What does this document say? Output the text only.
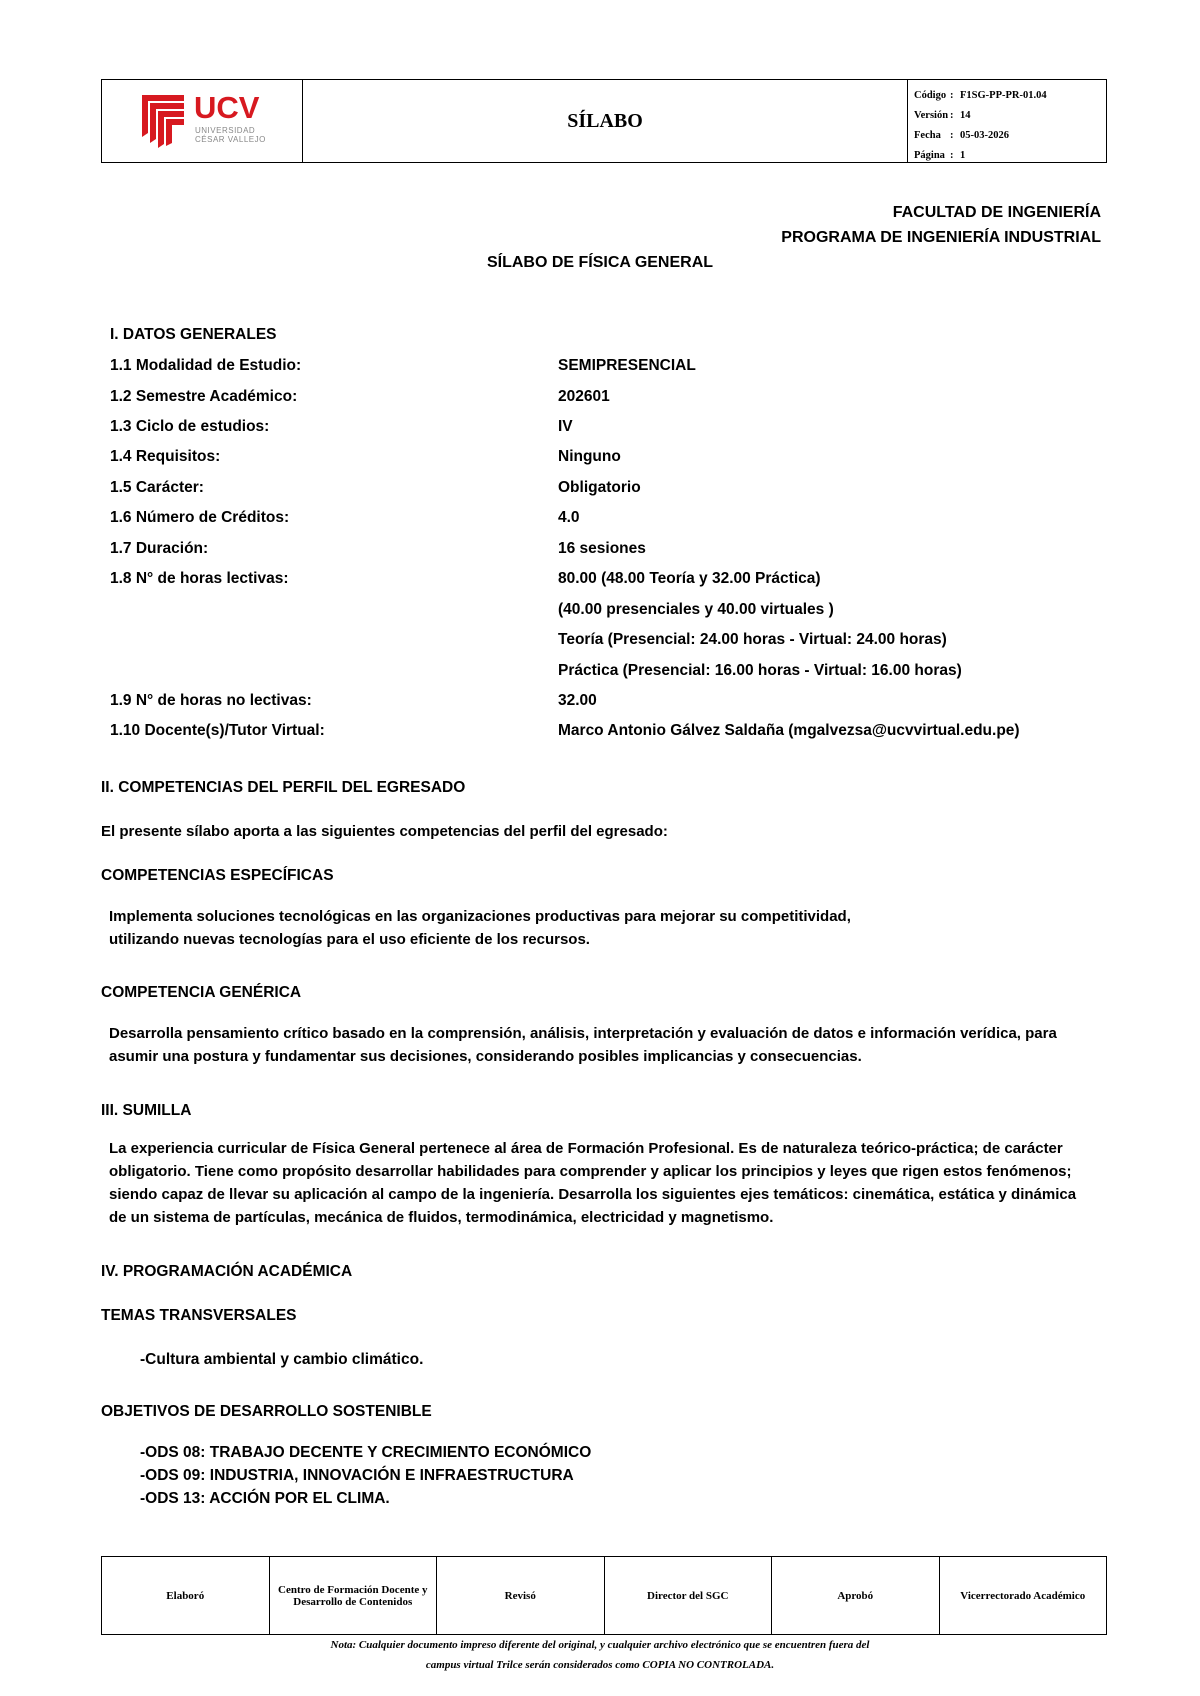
UCV
UNIVERSIDAD
CÉSAR VALLEJO
SÍLABO
Código : F1SG-PP-PR-01.04
Versión : 14
Fecha : 05-03-2026
Página : 1
FACULTAD DE INGENIERÍA
PROGRAMA DE INGENIERÍA INDUSTRIAL
SÍLABO DE FÍSICA GENERAL
I. DATOS GENERALES
1.1 Modalidad de Estudio:	SEMIPRESENCIAL
1.2 Semestre Académico:	202601
1.3 Ciclo de estudios:	IV
1.4 Requisitos:	Ninguno
1.5 Carácter:	Obligatorio
1.6 Número de Créditos:	4.0
1.7 Duración:	16 sesiones
1.8 N° de horas lectivas:	80.00 (48.00 Teoría y 32.00 Práctica)
(40.00 presenciales y 40.00 virtuales )
Teoría (Presencial: 24.00 horas - Virtual: 24.00 horas)
Práctica (Presencial: 16.00 horas - Virtual: 16.00 horas)
1.9 N° de horas no lectivas:	32.00
1.10 Docente(s)/Tutor Virtual:	Marco Antonio Gálvez Saldaña (mgalvezsa@ucvvirtual.edu.pe)
II. COMPETENCIAS DEL PERFIL DEL EGRESADO
El presente sílabo aporta a las siguientes competencias del perfil del egresado:
COMPETENCIAS ESPECÍFICAS
Implementa soluciones tecnológicas en las organizaciones productivas para mejorar su competitividad,
utilizando nuevas tecnologías para el uso eficiente de los recursos.
COMPETENCIA GENÉRICA
Desarrolla pensamiento crítico basado en la comprensión, análisis, interpretación y evaluación de datos e información verídica, para
asumir una postura y fundamentar sus decisiones, considerando posibles implicancias y consecuencias.
III. SUMILLA
La experiencia curricular de Física General pertenece al área de Formación Profesional. Es de naturaleza teórico-práctica; de carácter
obligatorio. Tiene como propósito desarrollar habilidades para comprender y aplicar los principios y leyes que rigen estos fenómenos;
siendo capaz de llevar su aplicación al campo de la ingeniería. Desarrolla los siguientes ejes temáticos: cinemática, estática y dinámica
de un sistema de partículas, mecánica de fluidos, termodinámica, electricidad y magnetismo.
IV. PROGRAMACIÓN ACADÉMICA
TEMAS TRANSVERSALES
-Cultura ambiental y cambio climático.
OBJETIVOS DE DESARROLLO SOSTENIBLE
-ODS 08: TRABAJO DECENTE Y CRECIMIENTO ECONÓMICO
-ODS 09: INDUSTRIA, INNOVACIÓN E INFRAESTRUCTURA
-ODS 13: ACCIÓN POR EL CLIMA.
Elaboró	Centro de Formación Docente y Desarrollo de Contenidos	Revisó	Director del SGC	Aprobó	Vicerrectorado Académico
Nota: Cualquier documento impreso diferente del original, y cualquier archivo electrónico que se encuentren fuera del
campus virtual Trilce serán considerados como COPIA NO CONTROLADA.
